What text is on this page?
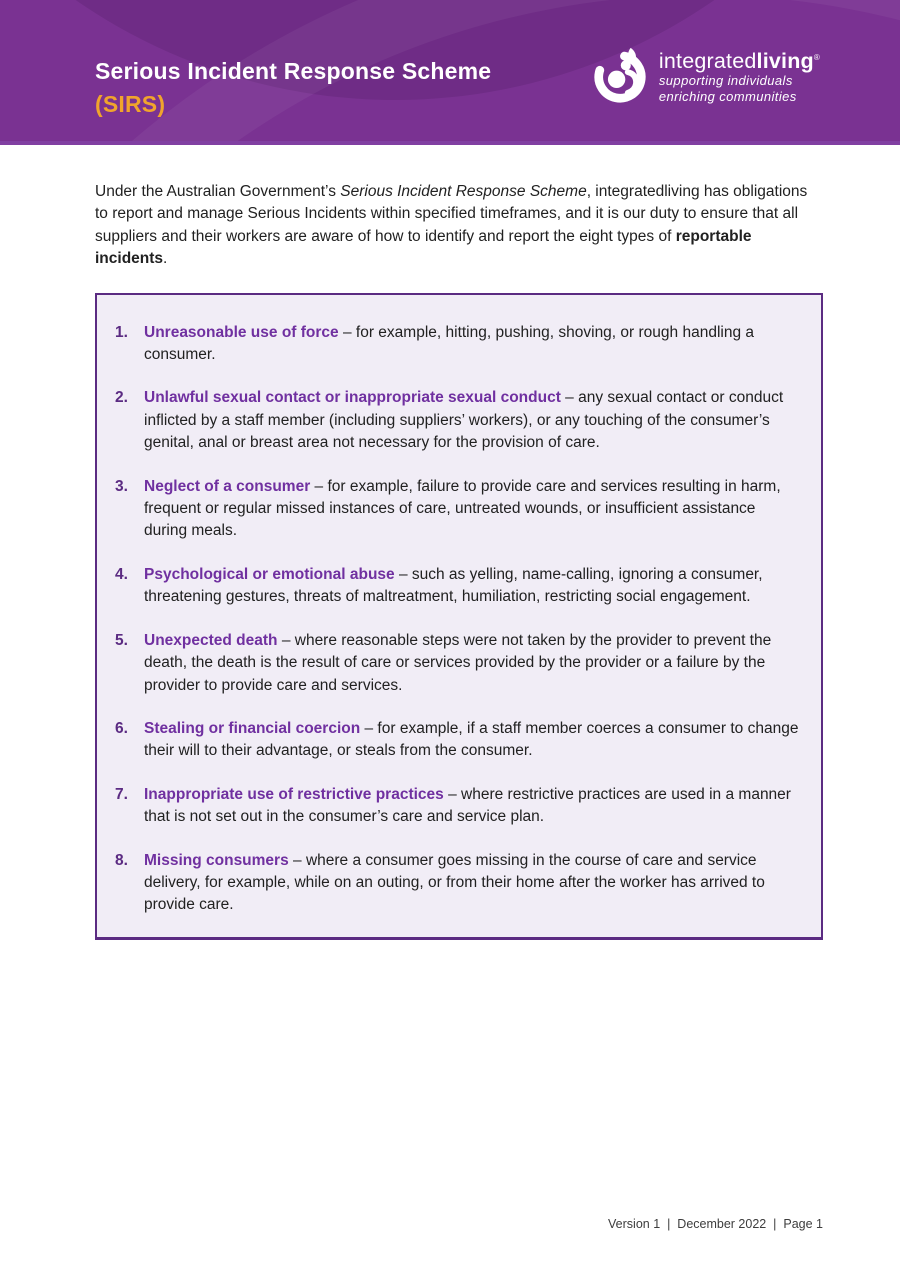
Serious Incident Response Scheme
(SIRS)
integratedliving®
supporting individuals
enriching communities

Under the Australian Government’s Serious Incident Response Scheme, integratedliving has obligations to report and manage Serious Incidents within specified timeframes, and it is our duty to ensure that all suppliers and their workers are aware of how to identify and report the eight types of reportable incidents.

1.	Unreasonable use of force – for example, hitting, pushing, shoving, or rough handling a consumer.
2.	Unlawful sexual contact or inappropriate sexual conduct – any sexual contact or conduct inflicted by a staff member (including suppliers’ workers), or any touching of the consumer’s genital, anal or breast area not necessary for the provision of care.
3.	Neglect of a consumer – for example, failure to provide care and services resulting in harm, frequent or regular missed instances of care, untreated wounds, or insufficient assistance during meals.
4.	Psychological or emotional abuse – such as yelling, name-calling, ignoring a consumer, threatening gestures, threats of maltreatment, humiliation, restricting social engagement.
5.	Unexpected death – where reasonable steps were not taken by the provider to prevent the death, the death is the result of care or services provided by the provider or a failure by the provider to provide care and services.
6.	Stealing or financial coercion – for example, if a staff member coerces a consumer to change their will to their advantage, or steals from the consumer.
7.	Inappropriate use of restrictive practices – where restrictive practices are used in a manner that is not set out in the consumer’s care and service plan.
8.	Missing consumers – where a consumer goes missing in the course of care and service delivery, for example, while on an outing, or from their home after the worker has arrived to provide care.

Version 1  |  December 2022  |  Page 1
